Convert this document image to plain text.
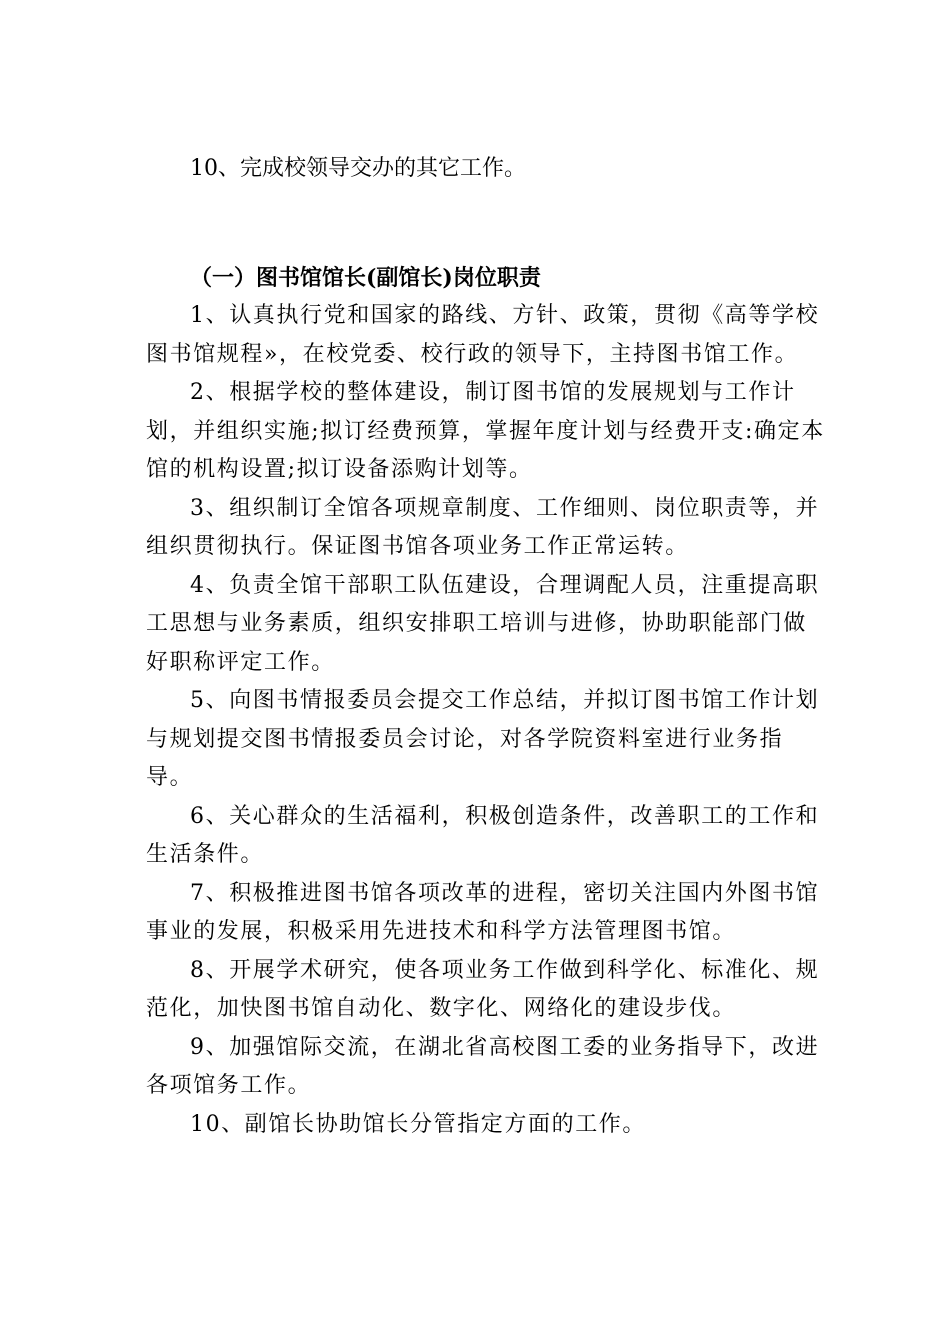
10、完成校领导交办的其它工作。

（一）图书馆馆长(副馆长)岗位职责

1、认真执行党和国家的路线、方针、政策，贯彻《高等学校图书馆规程»，在校党委、校行政的领导下，主持图书馆工作。

2、根据学校的整体建设，制订图书馆的发展规划与工作计划，并组织实施;拟订经费预算，掌握年度计划与经费开支:确定本馆的机构设置;拟订设备添购计划等。

3、组织制订全馆各项规章制度、工作细则、岗位职责等，并组织贯彻执行。保证图书馆各项业务工作正常运转。

4、负责全馆干部职工队伍建设，合理调配人员，注重提高职工思想与业务素质，组织安排职工培训与进修，协助职能部门做好职称评定工作。

5、向图书情报委员会提交工作总结，并拟订图书馆工作计划与规划提交图书情报委员会讨论，对各学院资料室进行业务指导。

6、关心群众的生活福利，积极创造条件，改善职工的工作和生活条件。

7、积极推进图书馆各项改革的进程，密切关注国内外图书馆事业的发展，积极采用先进技术和科学方法管理图书馆。

8、开展学术研究，使各项业务工作做到科学化、标准化、规范化，加快图书馆自动化、数字化、网络化的建设步伐。

9、加强馆际交流，在湖北省高校图工委的业务指导下，改进各项馆务工作。

10、副馆长协助馆长分管指定方面的工作。
